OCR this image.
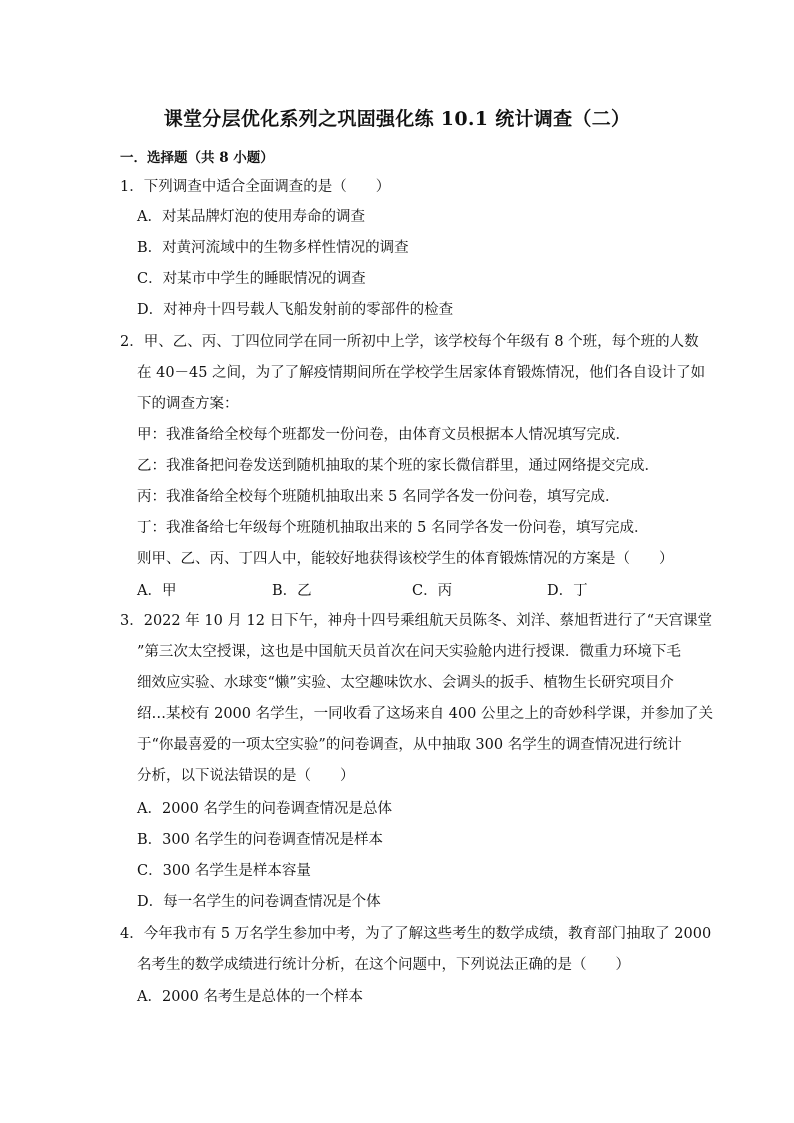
课堂分层优化系列之巩固强化练 10.1 统计调查（二）
一．选择题（共 8 小题）
1．下列调查中适合全面调查的是（　　）
A．对某品牌灯泡的使用寿命的调查
B．对黄河流域中的生物多样性情况的调查
C．对某市中学生的睡眠情况的调查
D．对神舟十四号载人飞船发射前的零部件的检查
2．甲、乙、丙、丁四位同学在同一所初中上学，该学校每个年级有 8 个班，每个班的人数
在 40－45 之间，为了了解疫情期间所在学校学生居家体育锻炼情况，他们各自设计了如
下的调查方案：
甲：我准备给全校每个班都发一份问卷，由体育文员根据本人情况填写完成．
乙：我准备把问卷发送到随机抽取的某个班的家长微信群里，通过网络提交完成．
丙：我准备给全校每个班随机抽取出来 5 名同学各发一份问卷，填写完成．
丁：我准备给七年级每个班随机抽取出来的 5 名同学各发一份问卷，填写完成．
则甲、乙、丙、丁四人中，能较好地获得该校学生的体育锻炼情况的方案是（　　）
A．甲	B．乙	C．丙	D．丁
3．2022 年 10 月 12 日下午，神舟十四号乘组航天员陈冬、刘洋、蔡旭哲进行了“天宫课堂
”第三次太空授课，这也是中国航天员首次在问天实验舱内进行授课．微重力环境下毛
细效应实验、水球变“懒”实验、太空趣味饮水、会调头的扳手、植物生长研究项目介
绍…某校有 2000 名学生，一同收看了这场来自 400 公里之上的奇妙科学课，并参加了关
于“你最喜爱的一项太空实验”的问卷调查，从中抽取 300 名学生的调查情况进行统计
分析，以下说法错误的是（　　）
A．2000 名学生的问卷调查情况是总体
B．300 名学生的问卷调查情况是样本
C．300 名学生是样本容量
D．每一名学生的问卷调查情况是个体
4．今年我市有 5 万名学生参加中考，为了了解这些考生的数学成绩，教育部门抽取了 2000
名考生的数学成绩进行统计分析，在这个问题中，下列说法正确的是（　　）
A．2000 名考生是总体的一个样本
